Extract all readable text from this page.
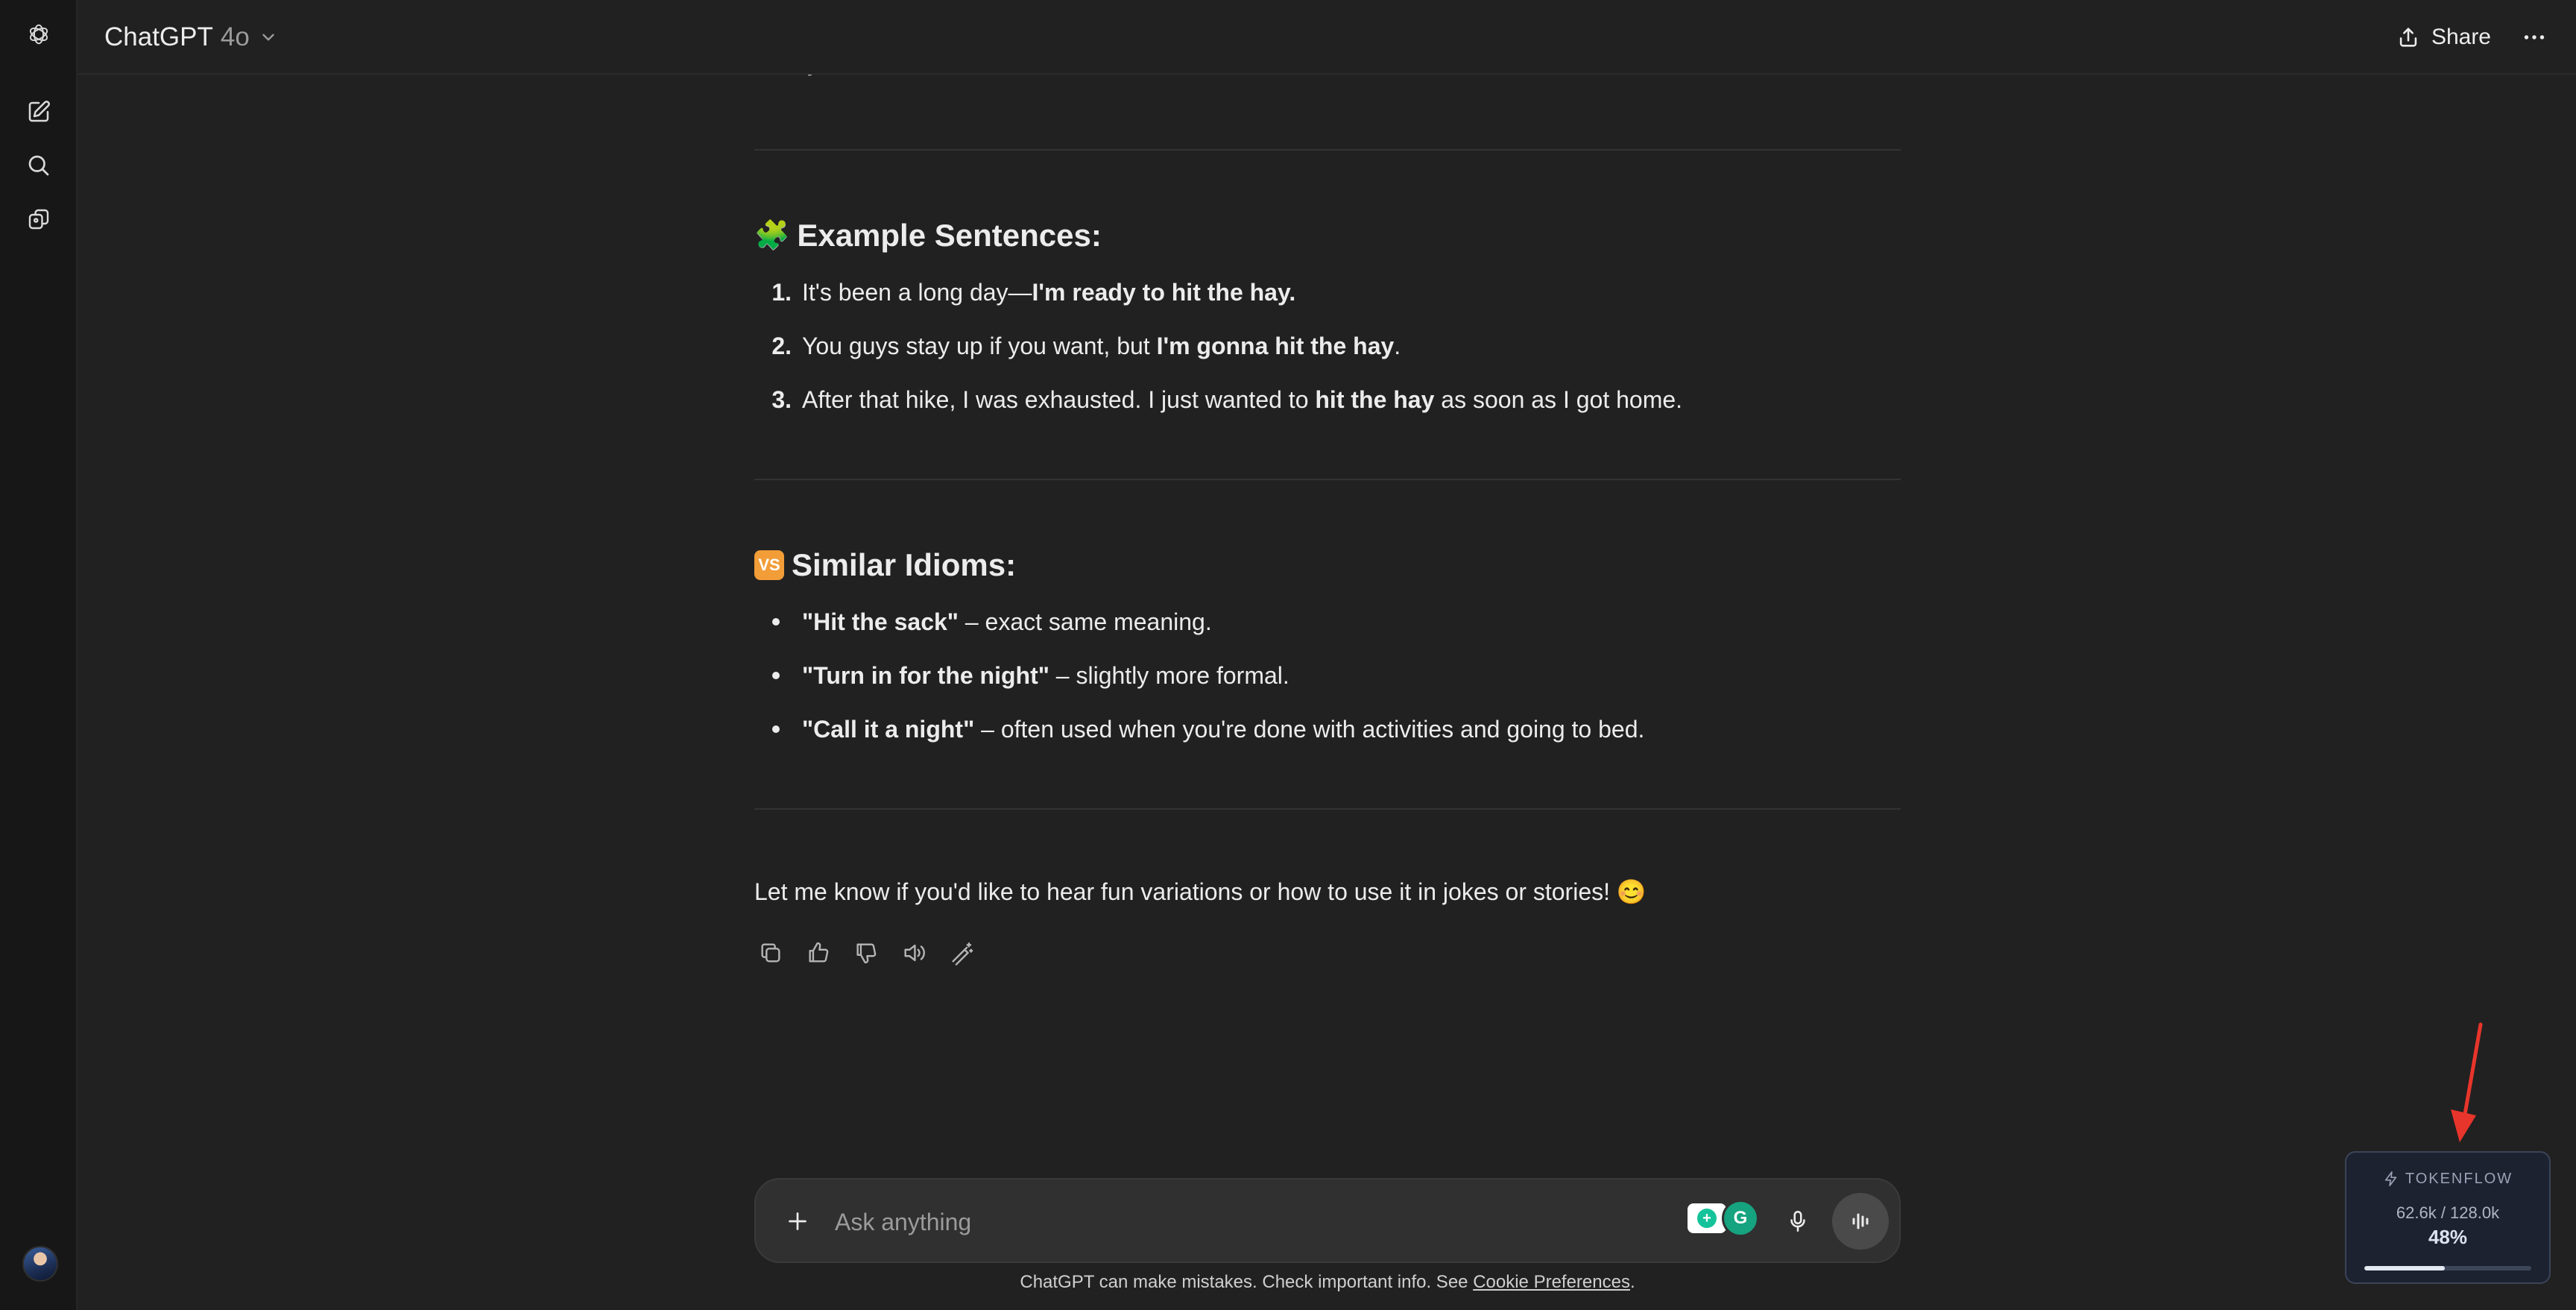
ChatGPT 4o	Share
🧩 Example Sentences:
1. It's been a long day—I'm ready to hit the hay.
2. You guys stay up if you want, but I'm gonna hit the hay.
3. After that hike, I was exhausted. I just wanted to hit the hay as soon as I got home.
VS Similar Idioms:
"Hit the sack" – exact same meaning.
"Turn in for the night" – slightly more formal.
"Call it a night" – often used when you're done with activities and going to bed.
Let me know if you'd like to hear fun variations or how to use it in jokes or stories! 😊
Ask anything
+	G
ChatGPT can make mistakes. Check important info. See Cookie Preferences.
TOKENFLOW
62.6k / 128.0k
48%
